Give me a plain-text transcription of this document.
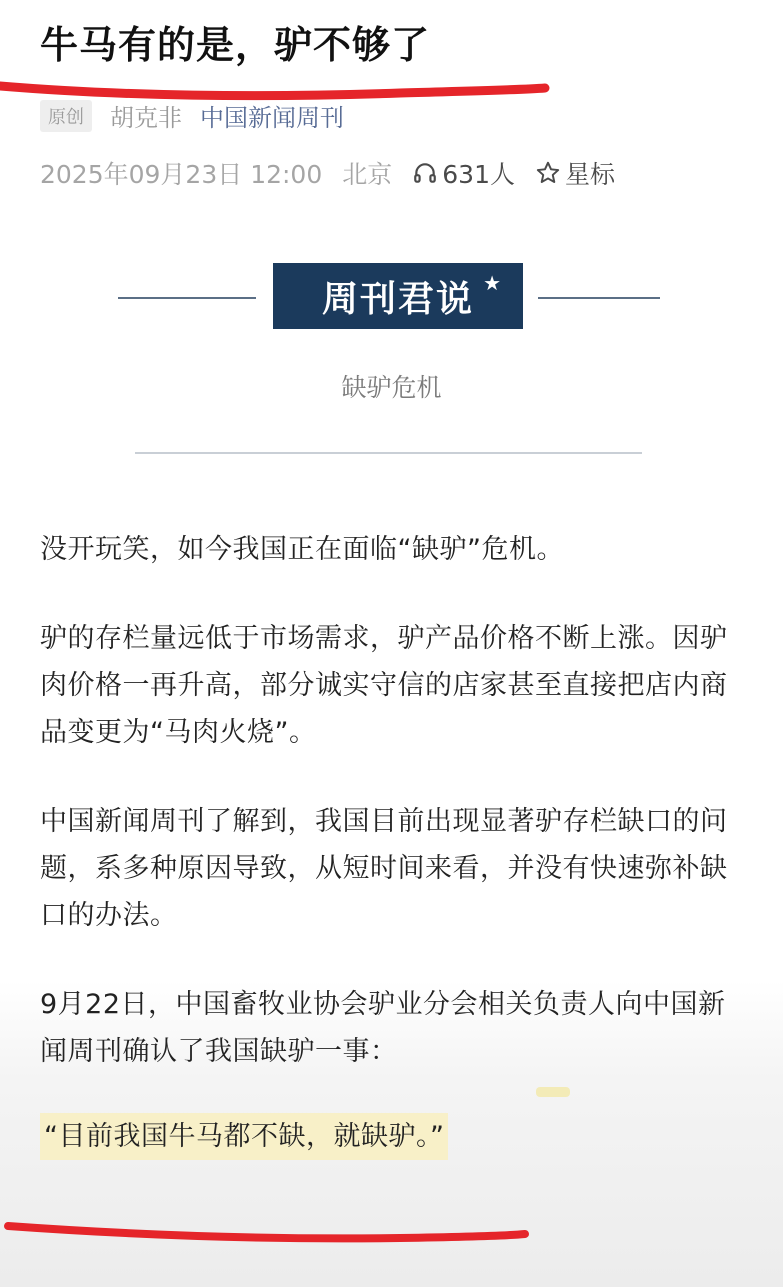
牛马有的是，驴不够了
原创	胡克非 中国新闻周刊
2025年09月23日 12:00 北京 631人 星标
周刊君说 ★
缺驴危机

没开玩笑，如今我国正在面临“缺驴”危机。

驴的存栏量远低于市场需求，驴产品价格不断上涨。因驴肉价格一再升高，部分诚实守信的店家甚至直接把店内商品变更为“马肉火烧”。

中国新闻周刊了解到，我国目前出现显著驴存栏缺口的问题，系多种原因导致，从短时间来看，并没有快速弥补缺口的办法。

9月22日，中国畜牧业协会驴业分会相关负责人向中国新闻周刊确认了我国缺驴一事：

“目前我国牛马都不缺，就缺驴。”
